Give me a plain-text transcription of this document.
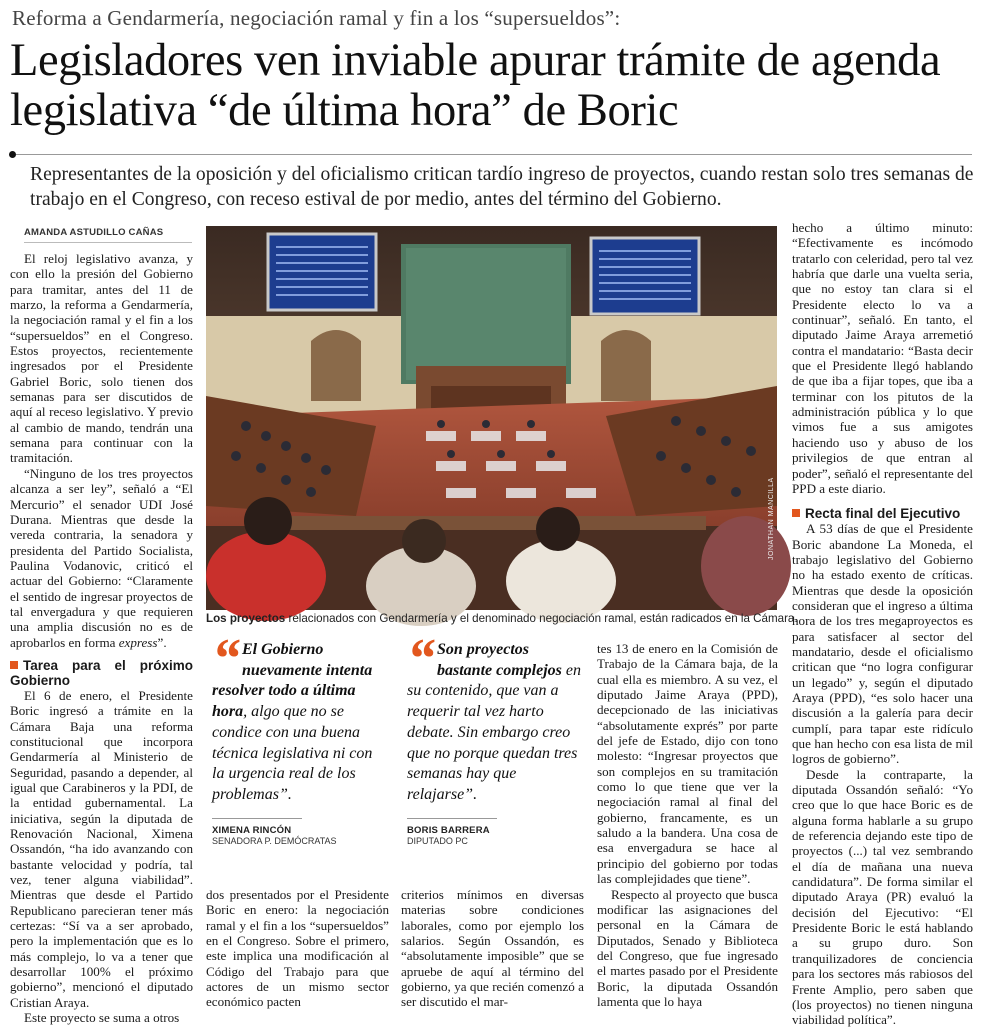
Reforma a Gendarmería, negociación ramal y fin a los “supersueldos”:
Legisladores ven inviable apurar trámite de agenda legislativa “de última hora” de Boric
Representantes de la oposición y del oficialismo critican tardío ingreso de proyectos, cuando restan solo tres semanas de trabajo en el Congreso, con receso estival de por medio, antes del término del Gobierno.
AMANDA ASTUDILLO CAÑAS

El reloj legislativo avanza, y con ello la presión del Gobierno para tramitar, antes del 11 de marzo, la reforma a Gendarmería, la negociación ramal y el fin a los “supersueldos” en el Congreso. Estos proyectos, recientemente ingresados por el Presidente Gabriel Boric, solo tienen dos semanas para ser discutidos de aquí al receso legislativo. Y previo al cambio de mando, tendrán una semana para continuar con la tramitación.

“Ninguno de los tres proyectos alcanza a ser ley”, señaló a “El Mercurio” el senador UDI José Durana. Mientras que desde la vereda contraria, la senadora y presidenta del Partido Socialista, Paulina Vodanovic, criticó el actuar del Gobierno: “Claramente el sentido de ingresar proyectos de tal envergadura y que requieren una amplia discusión no es de aprobarlos en forma express”.

Tarea para el próximo Gobierno

El 6 de enero, el Presidente Boric ingresó a trámite en la Cámara Baja una reforma constitucional que incorpora Gendarmería al Ministerio de Seguridad, pasando a depender, al igual que Carabineros y la PDI, de la entidad gubernamental. La iniciativa, según la diputada de Renovación Nacional, Ximena Ossandón, “ha ido avanzando con bastante velocidad y podría, tal vez, tener alguna viabilidad”. Mientras que desde el Partido Republicano parecieran tener más certezas: “Sí va a ser aprobado, pero la implementación que es lo más complejo, lo va a tener que desarrollar 100% el próximo gobierno”, mencionó el diputado Cristian Araya.

Este proyecto se suma a otros

JONATHAN MANCILLA
Los proyectos relacionados con Gendarmería y el denominado negociación ramal, están radicados en la Cámara.
“ El Gobierno nuevamente intenta resolver todo a última hora, algo que no se condice con una buena técnica legislativa ni con la urgencia real de los problemas”.
XIMENA RINCÓN
SENADORA P. DEMÓCRATAS
“ Son proyectos bastante complejos en su contenido, que van a requerir tal vez harto debate. Sin embargo creo que no porque quedan tres semanas hay que relajarse”.
BORIS BARRERA
DIPUTADO PC

dos presentados por el Presidente Boric en enero: la negociación ramal y el fin a los “supersueldos” en el Congreso. Sobre el primero, este implica una modificación al Código del Trabajo para que actores de un mismo sector económico pacten

criterios mínimos en diversas materias sobre condiciones laborales, como por ejemplo los salarios. Según Ossandón, es “absolutamente imposible” que se apruebe de aquí al término del gobierno, ya que recién comenzó a ser discutido el mar-

tes 13 de enero en la Comisión de Trabajo de la Cámara baja, de la cual ella es miembro. A su vez, el diputado Jaime Araya (PPD), decepcionado de las iniciativas “absolutamente exprés” por parte del jefe de Estado, dijo con tono molesto: “Ingresar proyectos que son complejos en su tramitación como lo que tiene que ver la negociación ramal al final del gobierno, francamente, es un saludo a la bandera. Una cosa de esa envergadura se hace al principio del gobierno por todas las complejidades que tiene”.

Respecto al proyecto que busca modificar las asignaciones del personal en la Cámara de Diputados, Senado y Biblioteca del Congreso, que fue ingresado el martes pasado por el Presidente Boric, la diputada Ossandón lamenta que lo haya

hecho a último minuto: “Efectivamente es incómodo tratarlo con celeridad, pero tal vez habría que darle una vuelta seria, que no estoy tan clara si el Presidente electo lo va a continuar”, señaló. En tanto, el diputado Jaime Araya arremetió contra el mandatario: “Basta decir que el Presidente llegó hablando de que iba a fijar topes, que iba a terminar con los pitutos de la administración pública y lo que vimos fue a sus amigotes haciendo uso y abuso de los privilegios de que entran al poder”, señaló el representante del PPD a este diario.

Recta final del Ejecutivo

A 53 días de que el Presidente Boric abandone La Moneda, el trabajo legislativo del Gobierno no ha estado exento de críticas. Mientras que desde la oposición consideran que el ingreso a última hora de los tres megaproyectos es para satisfacer al sector del mandatario, desde el oficialismo critican que “no logra configurar un legado” y, según el diputado Araya (PPD), “es solo hacer una discusión a la galería para decir cumplí, para tapar este ridículo que han hecho con esa lista de mil logros de gobierno”.

Desde la contraparte, la diputada Ossandón señaló: “Yo creo que lo que hace Boric es de alguna forma hablarle a su grupo de referencia dejando este tipo de proyectos (...) tal vez sembrando el día de mañana una nueva candidatura”. De forma similar el diputado Araya (PR) evaluó la decisión del Ejecutivo: “El Presidente Boric le está hablando a su grupo duro. Son tranquilizadores de conciencia para los sectores más rabiosos del Frente Amplio, pero saben que (los proyectos) no tienen ninguna viabilidad política”.
